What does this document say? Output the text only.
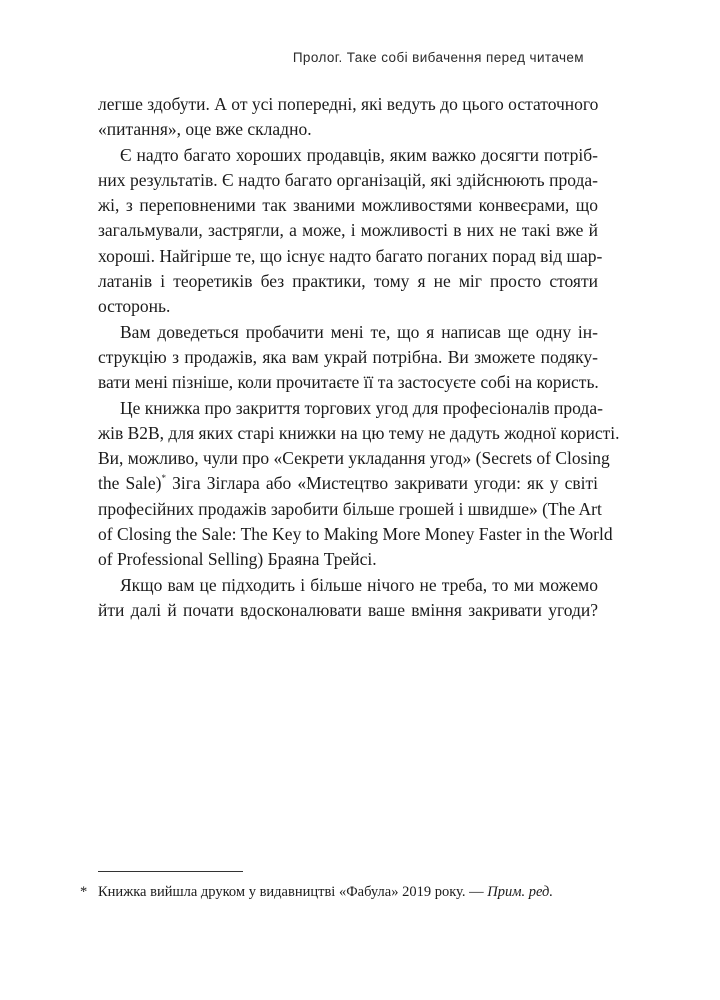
Пролог. Таке собі вибачення перед читачем
легше здобути. А от усі попередні, які ведуть до цього остаточного
«питання», оце вже складно.
Є надто багато хороших продавців, яким важко досягти потріб-
них результатів. Є надто багато організацій, які здійснюють прода-
жі, з переповненими так званими можливостями конвеєрами, що
загальмували, застрягли, а може, і можливості в них не такі вже й
хороші. Найгірше те, що існує надто багато поганих порад від шар-
латанів і теоретиків без практики, тому я не міг просто стояти
осторонь.
Вам доведеться пробачити мені те, що я написав ще одну ін-
струкцію з продажів, яка вам украй потрібна. Ви зможете подяку-
вати мені пізніше, коли прочитаєте її та застосуєте собі на користь.
Це книжка про закриття торгових угод для професіоналів прода-
жів B2B, для яких старі книжки на цю тему не дадуть жодної користі.
Ви, можливо, чули про «Секрети укладання угод» (Secrets of Closing
the Sale)* Зіга Зіглара або «Мистецтво закривати угоди: як у світі
професійних продажів заробити більше грошей і швидше» (The Art
of Closing the Sale: The Key to Making More Money Faster in the World
of Professional Selling) Браяна Трейсі.
Якщо вам це підходить і більше нічого не треба, то ми можемо
йти далі й почати вдосконалювати ваше вміння закривати угоди?
* Книжка вийшла друком у видавництві «Фабула» 2019 року. — Прим. ред.
